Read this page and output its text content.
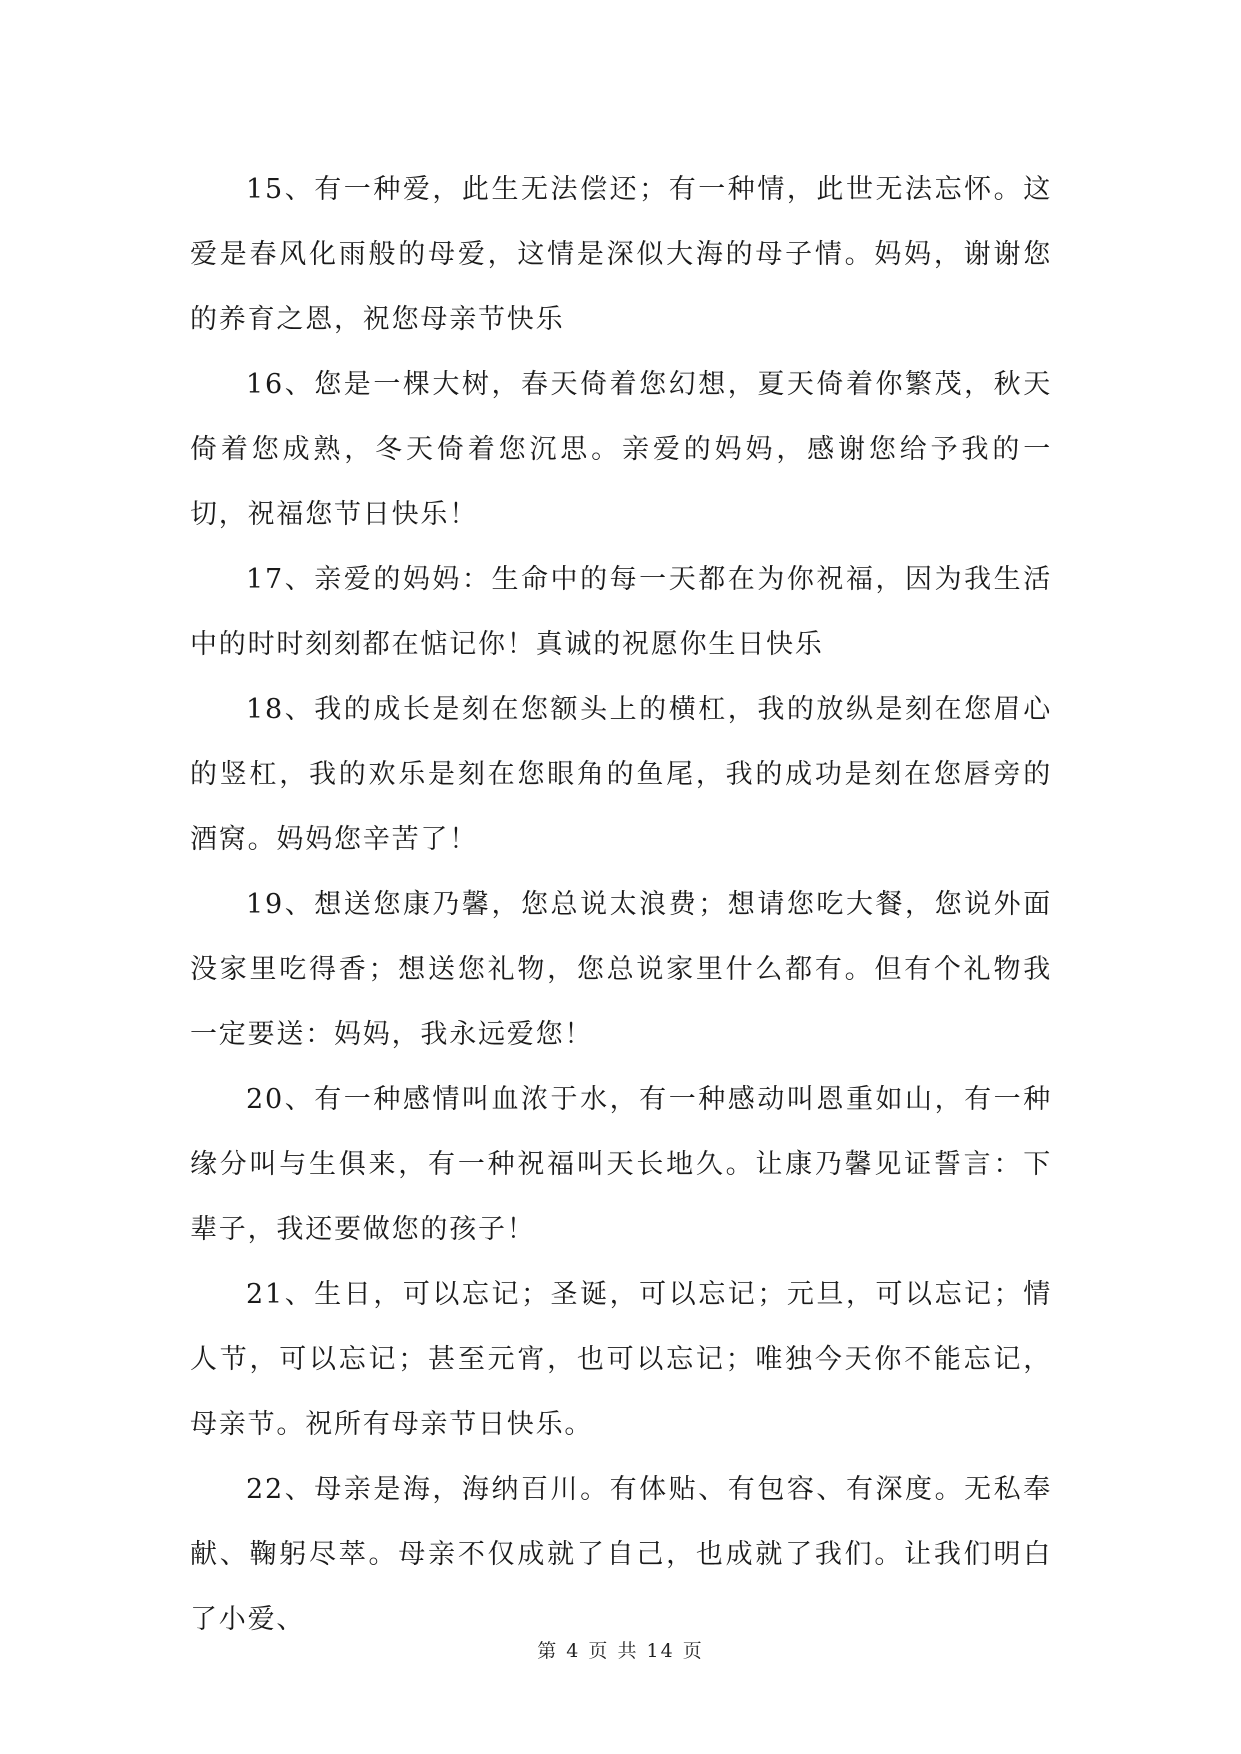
15、有一种爱，此生无法偿还；有一种情，此世无法忘怀。这爱是春风化雨般的母爱，这情是深似大海的母子情。妈妈，谢谢您的养育之恩，祝您母亲节快乐

16、您是一棵大树，春天倚着您幻想，夏天倚着你繁茂，秋天倚着您成熟，冬天倚着您沉思。亲爱的妈妈，感谢您给予我的一切，祝福您节日快乐！

17、亲爱的妈妈：生命中的每一天都在为你祝福，因为我生活中的时时刻刻都在惦记你！真诚的祝愿你生日快乐

18、我的成长是刻在您额头上的横杠，我的放纵是刻在您眉心的竖杠，我的欢乐是刻在您眼角的鱼尾，我的成功是刻在您唇旁的酒窝。妈妈您辛苦了！

19、想送您康乃馨，您总说太浪费；想请您吃大餐，您说外面没家里吃得香；想送您礼物，您总说家里什么都有。但有个礼物我一定要送：妈妈，我永远爱您！

20、有一种感情叫血浓于水，有一种感动叫恩重如山，有一种缘分叫与生俱来，有一种祝福叫天长地久。让康乃馨见证誓言：下辈子，我还要做您的孩子！

21、生日，可以忘记；圣诞，可以忘记；元旦，可以忘记；情人节，可以忘记；甚至元宵，也可以忘记；唯独今天你不能忘记，母亲节。祝所有母亲节日快乐。

22、母亲是海，海纳百川。有体贴、有包容、有深度。无私奉献、鞠躬尽萃。母亲不仅成就了自己，也成就了我们。让我们明白了小爱、

第 4 页 共 14 页
